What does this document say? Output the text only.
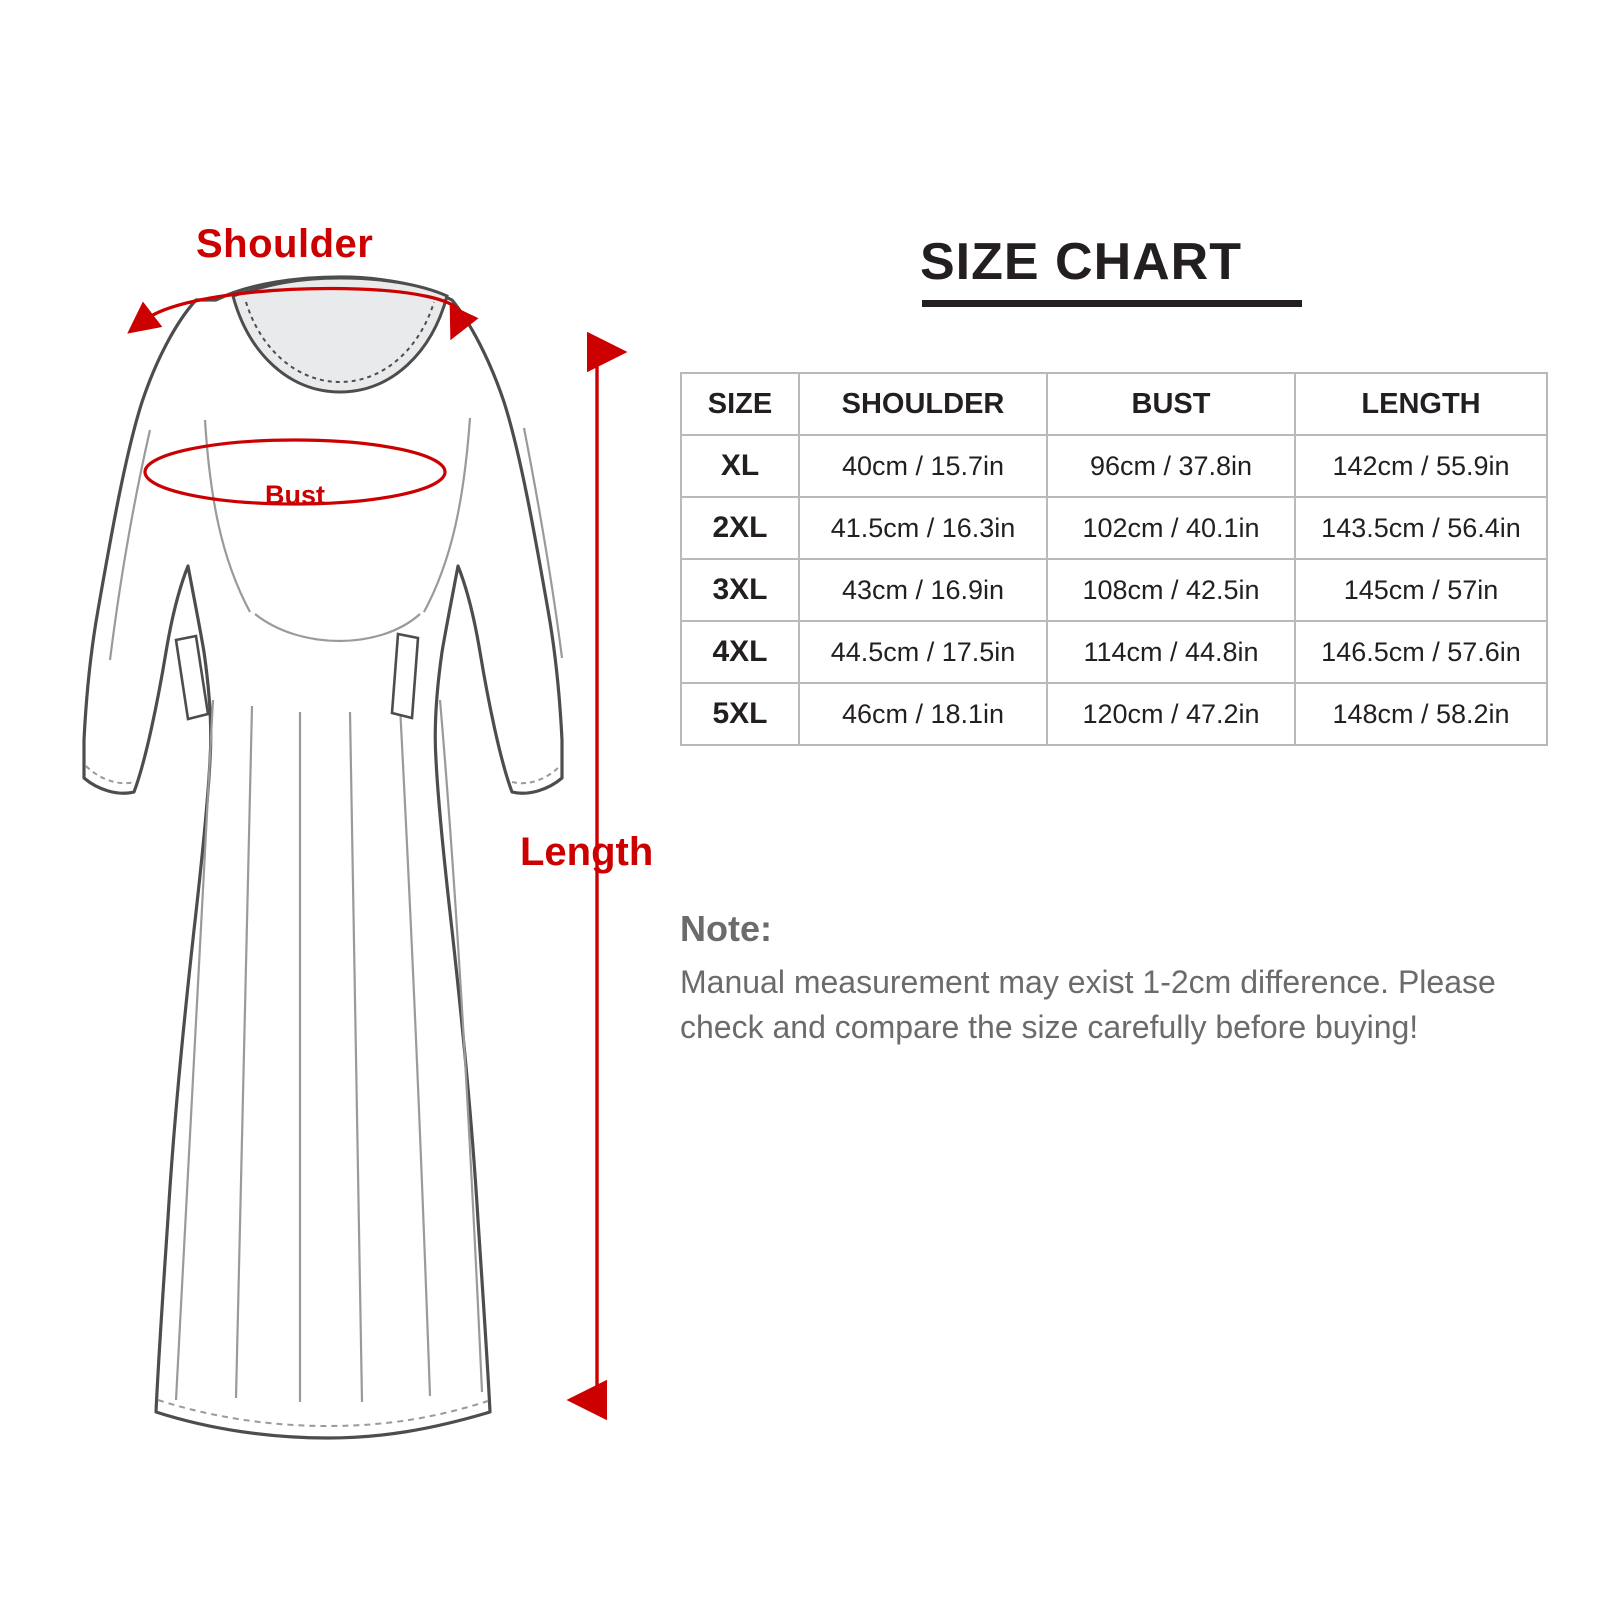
Shoulder
Bust
Length
SIZE CHART
SIZE	SHOULDER	BUST	LENGTH
XL	40cm / 15.7in	96cm / 37.8in	142cm / 55.9in
2XL	41.5cm / 16.3in	102cm / 40.1in	143.5cm / 56.4in
3XL	43cm / 16.9in	108cm / 42.5in	145cm / 57in
4XL	44.5cm / 17.5in	114cm / 44.8in	146.5cm / 57.6in
5XL	46cm / 18.1in	120cm / 47.2in	148cm / 58.2in

Note:

Manual measurement may exist 1-2cm difference. Please check and compare the size carefully before buying!
